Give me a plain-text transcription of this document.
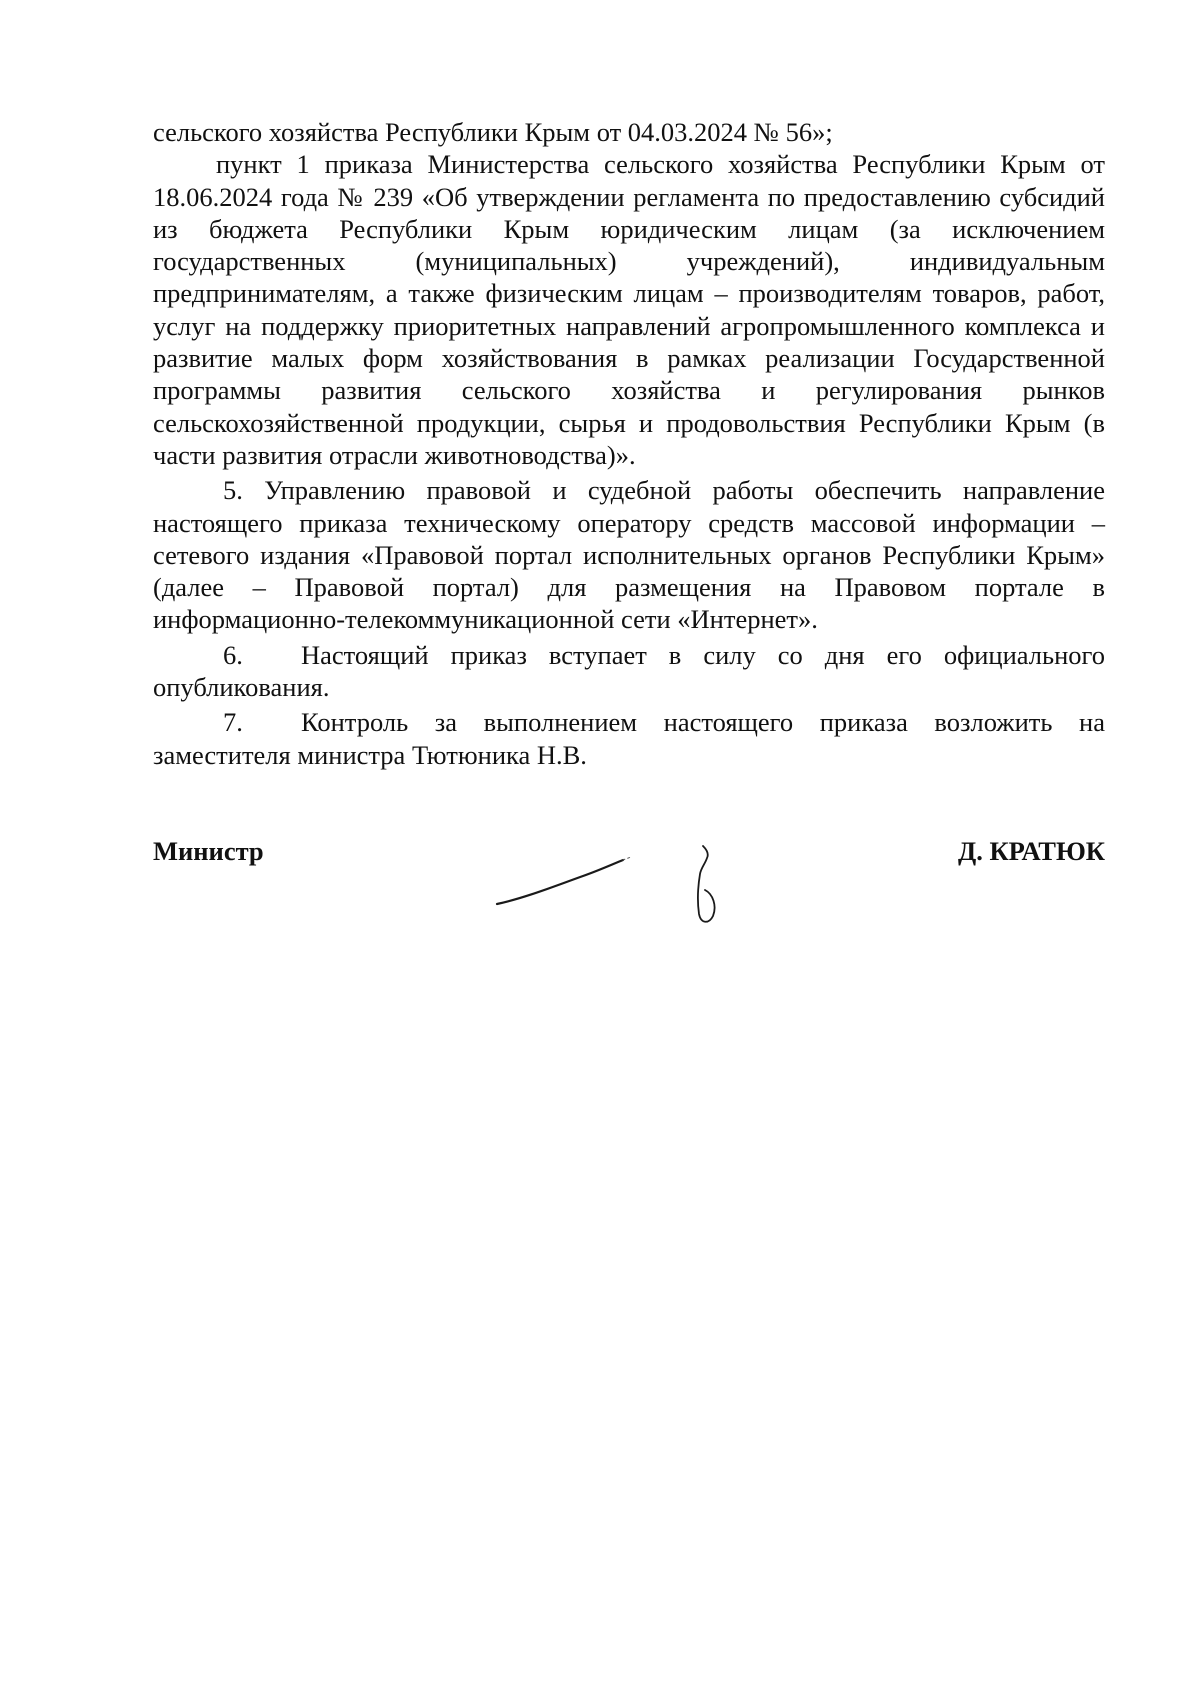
сельского хозяйства Республики Крым от 04.03.2024 № 56»;

пункт 1 приказа Министерства сельского хозяйства Республики Крым от 18.06.2024 года № 239 «Об утверждении регламента по предоставлению субсидий из бюджета Республики Крым юридическим лицам (за исключением государственных (муниципальных) учреждений), индивидуальным предпринимателям, а также физическим лицам – производителям товаров, работ, услуг на поддержку приоритетных направлений агропромышленного комплекса и развитие малых форм хозяйствования в рамках реализации Государственной программы развития сельского хозяйства и регулирования рынков сельскохозяйственной продукции, сырья и продовольствия Республики Крым (в части развития отрасли животноводства)».

5. Управлению правовой и судебной работы обеспечить направление настоящего приказа техническому оператору средств массовой информации – сетевого издания «Правовой портал исполнительных органов Республики Крым» (далее – Правовой портал) для размещения на Правовом портале в информационно-телекоммуникационной сети «Интернет».

6. Настоящий приказ вступает в силу со дня его официального опубликования.

7. Контроль за выполнением настоящего приказа возложить на заместителя министра Тютюника Н.В.

Министр	Д. КРАТЮК
